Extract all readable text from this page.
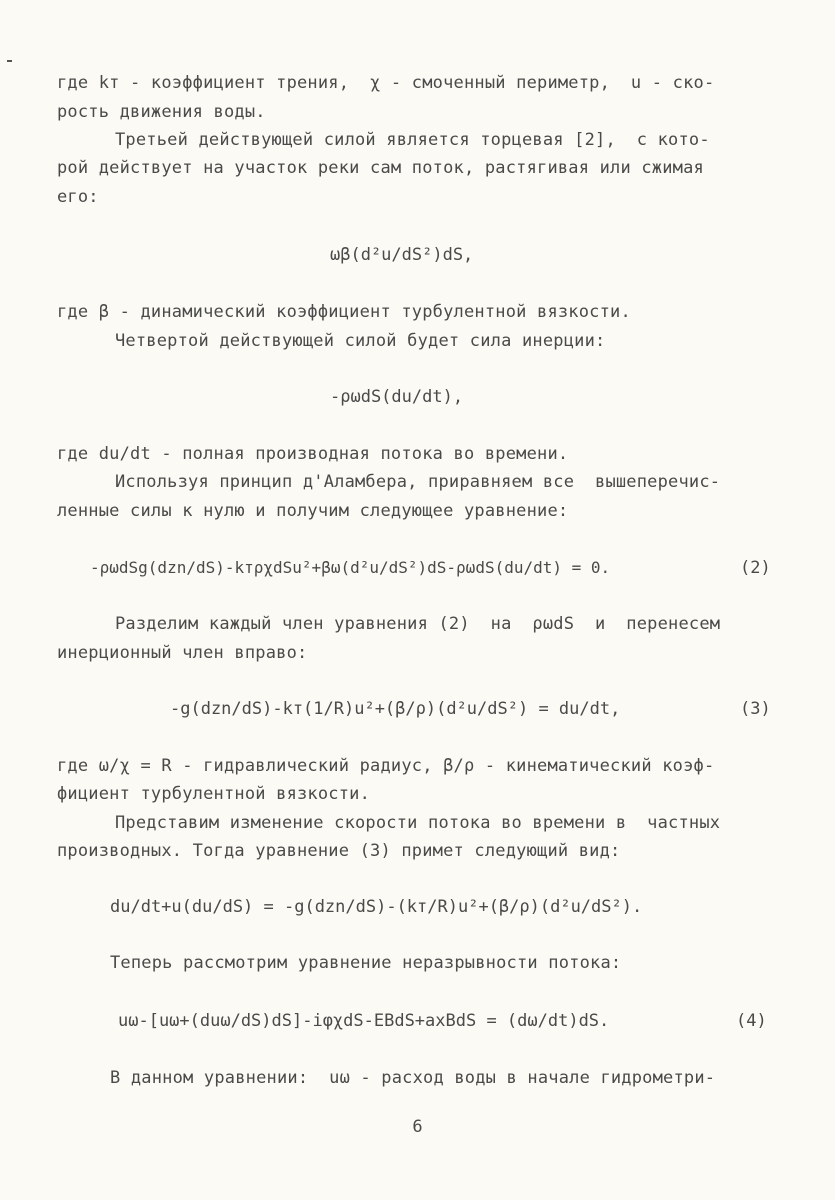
где kт - коэффициент трения,  χ - смоченный периметр,  u - ско-
рость движения воды.
Третьей действующей силой является торцевая [2],  с кото-
рой действует на участок реки сам поток, растягивая или сжимая
его:
ωβ(d²u/dS²)dS,
где β - динамический коэффициент турбулентной вязкости.
Четвертой действующей силой будет сила инерции:
-ρωdS(du/dt),
где du/dt - полная производная потока во времени.
Используя принцип д'Аламбера, приравняем все  вышеперечис-
ленные силы к нулю и получим следующее уравнение:
-ρωdSg(dzn/dS)-kтρχdSu²+βω(d²u/dS²)dS-ρωdS(du/dt) = 0.	(2)
Разделим каждый член уравнения (2)  на  ρωdS  и  перенесем
инерционный член вправо:
-g(dzn/dS)-kт(1/R)u²+(β/ρ)(d²u/dS²) = du/dt,	(3)
где ω/χ = R - гидравлический радиус, β/ρ - кинематический коэф-
фициент турбулентной вязкости.
Представим изменение скорости потока во времени в  частных
производных. Тогда уравнение (3) примет следующий вид:
du/dt+u(du/dS) = -g(dzn/dS)-(kт/R)u²+(β/ρ)(d²u/dS²).
Теперь рассмотрим уравнение неразрывности потока:
uω-[uω+(duω/dS)dS]-iφχdS-EBdS+axBdS = (dω/dt)dS.	(4)
В данном уравнении:  uω - расход воды в начале гидрометри-
6
